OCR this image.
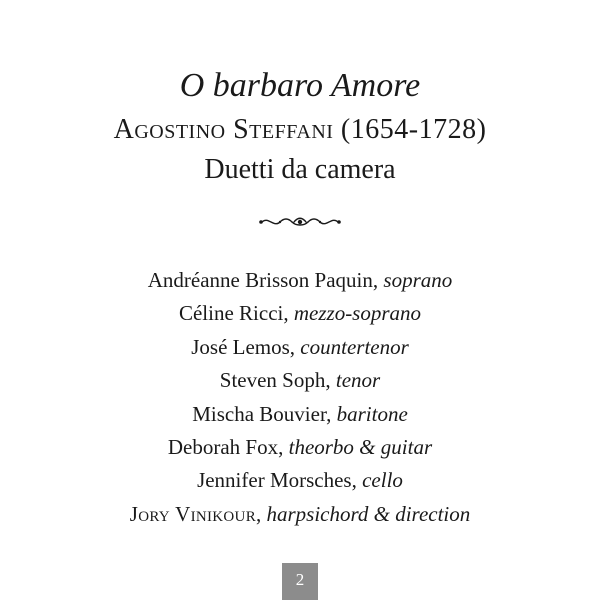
O barbaro Amore
Agostino Steffani (1654-1728)
Duetti da camera
Andréanne Brisson Paquin, soprano
Céline Ricci, mezzo-soprano
José Lemos, countertenor
Steven Soph, tenor
Mischa Bouvier, baritone
Deborah Fox, theorbo & guitar
Jennifer Morsches, cello
Jory Vinikour, harpsichord & direction
2
